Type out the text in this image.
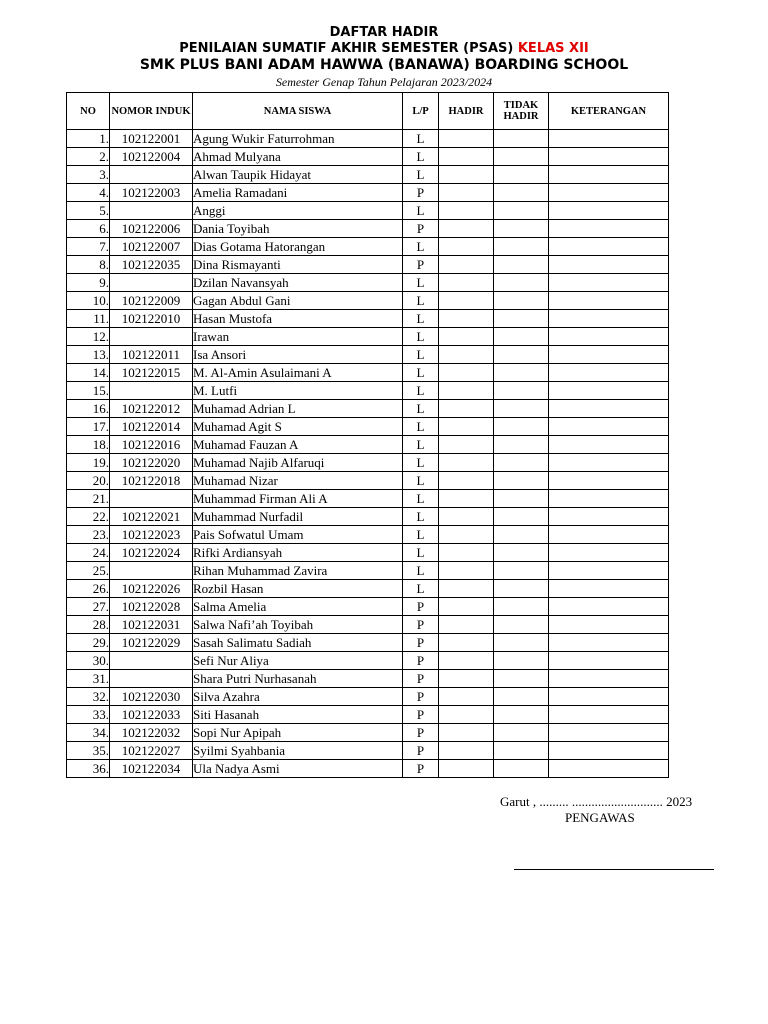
DAFTAR HADIR
PENILAIAN SUMATIF AKHIR SEMESTER (PSAS) KELAS XII
SMK PLUS BANI ADAM HAWWA (BANAWA) BOARDING SCHOOL
Semester Genap Tahun Pelajaran 2023/2024
NO	NOMOR INDUK	NAMA SISWA	L/P	HADIR	TIDAK HADIR	KETERANGAN
1.	102122001	Agung Wukir Faturrohman	L			
2.	102122004	Ahmad Mulyana	L			
3.		Alwan Taupik Hidayat	L			
4.	102122003	Amelia Ramadani	P			
5.		Anggi	L			
6.	102122006	Dania Toyibah	P			
7.	102122007	Dias Gotama Hatorangan	L			
8.	102122035	Dina Rismayanti	P			
9.		Dzilan Navansyah	L			
10.	102122009	Gagan Abdul Gani	L			
11.	102122010	Hasan Mustofa	L			
12.		Irawan	L			
13.	102122011	Isa Ansori	L			
14.	102122015	M. Al-Amin Asulaimani A	L			
15.		M. Lutfi	L			
16.	102122012	Muhamad Adrian L	L			
17.	102122014	Muhamad Agit S	L			
18.	102122016	Muhamad Fauzan A	L			
19.	102122020	Muhamad Najib Alfaruqi	L			
20.	102122018	Muhamad Nizar	L			
21.		Muhammad Firman Ali A	L			
22.	102122021	Muhammad Nurfadil	L			
23.	102122023	Pais Sofwatul Umam	L			
24.	102122024	Rifki Ardiansyah	L			
25.		Rihan Muhammad Zavira	L			
26.	102122026	Rozbil Hasan	L			
27.	102122028	Salma Amelia	P			
28.	102122031	Salwa Nafi’ah Toyibah	P			
29.	102122029	Sasah Salimatu Sadiah	P			
30.		Sefi Nur Aliya	P			
31.		Shara Putri Nurhasanah	P			
32.	102122030	Silva Azahra	P			
33.	102122033	Siti Hasanah	P			
34.	102122032	Sopi Nur Apipah	P			
35.	102122027	Syilmi Syahbania	P			
36.	102122034	Ula Nadya Asmi	P			
Garut , ......... ............................ 2023
PENGAWAS
